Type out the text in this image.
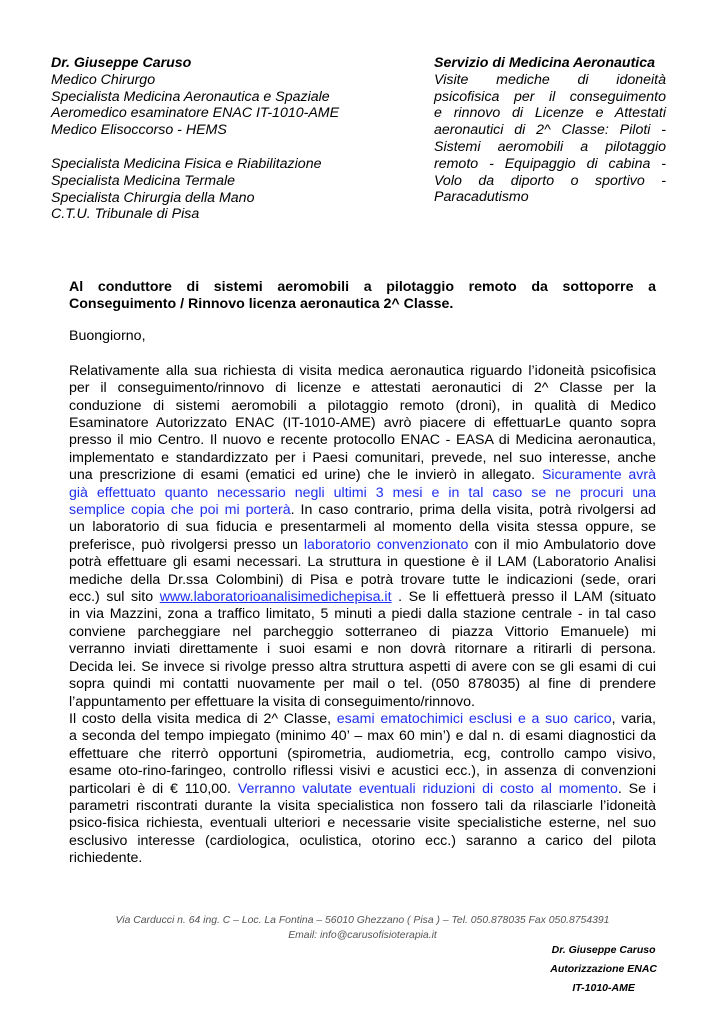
Dr. Giuseppe Caruso
Medico Chirurgo
Specialista Medicina Aeronautica e Spaziale
Aeromedico esaminatore ENAC IT-1010-AME
Medico Elisoccorso - HEMS
Specialista Medicina Fisica e Riabilitazione
Specialista Medicina Termale
Specialista Chirurgia della Mano
C.T.U. Tribunale di Pisa
Servizio di Medicina Aeronautica
Visite mediche di idoneità
psicofisica per il conseguimento
e rinnovo di Licenze e Attestati
aeronautici di 2^ Classe: Piloti -
Sistemi aeromobili a pilotaggio
remoto - Equipaggio di cabina -
Volo da diporto o sportivo -
Paracadutismo
Al conduttore di sistemi aeromobili a pilotaggio remoto da sottoporre a
Conseguimento / Rinnovo licenza aeronautica 2^ Classe.
Buongiorno,
Relativamente alla sua richiesta di visita medica aeronautica riguardo l’idoneità psicofisica
per il conseguimento/rinnovo di licenze e attestati aeronautici di 2^ Classe per la
conduzione di sistemi aeromobili a pilotaggio remoto (droni), in qualità di Medico
Esaminatore Autorizzato ENAC (IT-1010-AME) avrò piacere di effettuarLe quanto sopra
presso il mio Centro. Il nuovo e recente protocollo ENAC - EASA di Medicina aeronautica,
implementato e standardizzato per i Paesi comunitari, prevede, nel suo interesse, anche
una prescrizione di esami (ematici ed urine) che le invierò in allegato. Sicuramente avrà
già effettuato quanto necessario negli ultimi 3 mesi e in tal caso se ne procuri una
semplice copia che poi mi porterà. In caso contrario, prima della visita, potrà rivolgersi ad
un laboratorio di sua fiducia e presentarmeli al momento della visita stessa oppure, se
preferisce, può rivolgersi presso un laboratorio convenzionato con il mio Ambulatorio dove
potrà effettuare gli esami necessari. La struttura in questione è il LAM (Laboratorio Analisi
mediche della Dr.ssa Colombini) di Pisa e potrà trovare tutte le indicazioni (sede, orari
ecc.) sul sito www.laboratorioanalisimedichepisa.it . Se li effettuerà presso il LAM (situato
in via Mazzini, zona a traffico limitato, 5 minuti a piedi dalla stazione centrale - in tal caso
conviene parcheggiare nel parcheggio sotterraneo di piazza Vittorio Emanuele) mi
verranno inviati direttamente i suoi esami e non dovrà ritornare a ritirarli di persona.
Decida lei. Se invece si rivolge presso altra struttura aspetti di avere con se gli esami di cui
sopra quindi mi contatti nuovamente per mail o tel. (050 878035) al fine di prendere
l’appuntamento per effettuare la visita di conseguimento/rinnovo.
Il costo della visita medica di 2^ Classe, esami ematochimici esclusi e a suo carico, varia,
a seconda del tempo impiegato (minimo 40’ – max 60 min’) e dal n. di esami diagnostici da
effettuare che riterrò opportuni (spirometria, audiometria, ecg, controllo campo visivo,
esame oto-rino-faringeo, controllo riflessi visivi e acustici ecc.), in assenza di convenzioni
particolari è di € 110,00. Verranno valutate eventuali riduzioni di costo al momento. Se i
parametri riscontrati durante la visita specialistica non fossero tali da rilasciarle l’idoneità
psico-fisica richiesta, eventuali ulteriori e necessarie visite specialistiche esterne, nel suo
esclusivo interesse (cardiologica, oculistica, otorino ecc.) saranno a carico del pilota
richiedente.
Via Carducci n. 64 ing. C – Loc. La Fontina – 56010 Ghezzano ( Pisa ) – Tel. 050.878035 Fax 050.8754391
Email: info@carusofisioterapia.it
Dr. Giuseppe Caruso
Autorizzazione ENAC
IT-1010-AME
